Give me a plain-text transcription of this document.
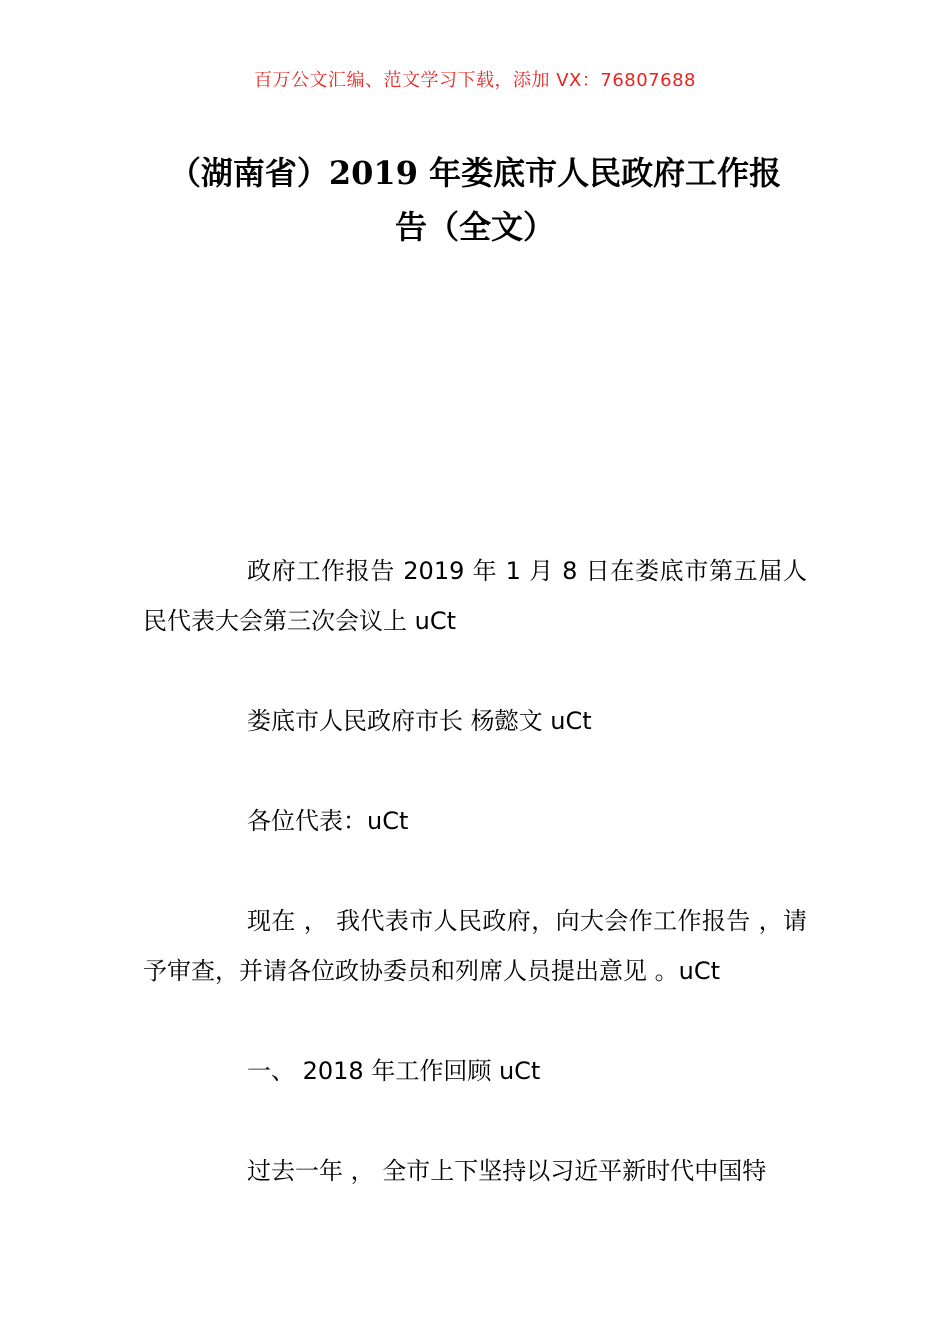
百万公文汇编、范文学习下载，添加 VX：76807688
（湖南省）2019 年娄底市人民政府工作报
告（全文）

政府工作报告 2019 年 1 月 8 日在娄底市第五届人民代表大会第三次会议上 uCt

娄底市人民政府市长 杨懿文 uCt

各位代表：uCt

现在 ， 我代表市人民政府，向大会作工作报告 ，请予审查，并请各位政协委员和列席人员提出意见 。uCt

一、 2018 年工作回顾 uCt

过去一年 ， 全市上下坚持以习近平新时代中国特
